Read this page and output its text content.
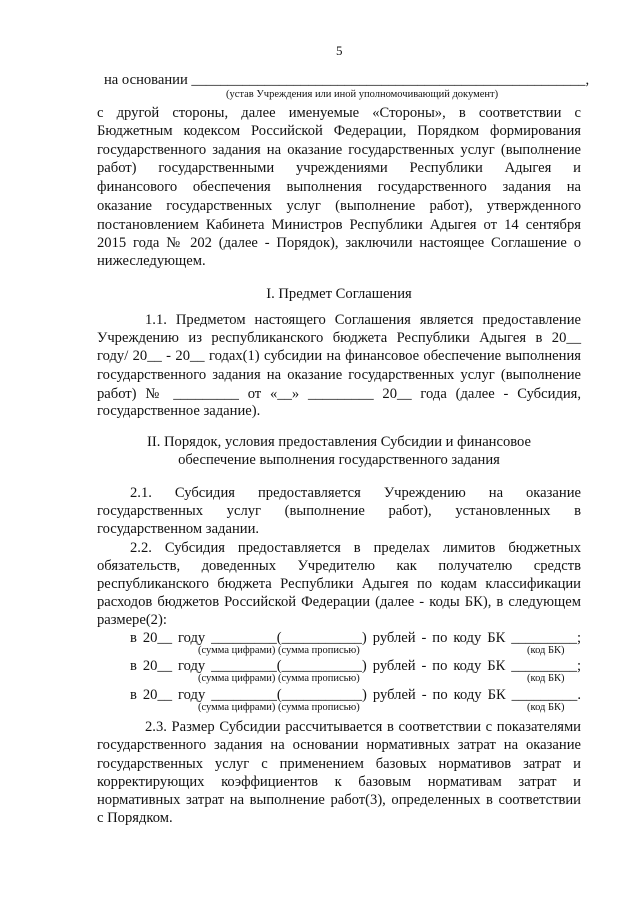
5
на основании ______________________________________________________,
(устав Учреждения или иной уполномочивающий документ)
с другой стороны, далее именуемые «Стороны», в соответствии с
Бюджетным кодексом Российской Федерации, Порядком формирования
государственного задания на оказание государственных услуг (выполнение
работ) государственными учреждениями Республики Адыгея и
финансового обеспечения выполнения государственного задания на
оказание государственных услуг (выполнение работ), утвержденного
постановлением Кабинета Министров Республики Адыгея от 14 сентября
2015 года № 202 (далее - Порядок), заключили настоящее Соглашение о
нижеследующем.
I. Предмет Соглашения
1.1. Предметом настоящего Соглашения является предоставление
Учреждению из республиканского бюджета Республики Адыгея в 20__
году/ 20__ - 20__ годах(1) субсидии на финансовое обеспечение выполнения
государственного задания на оказание государственных услуг (выполнение
работ) № _________ от «__» _________ 20__ года (далее - Субсидия,
государственное задание).
II. Порядок, условия предоставления Субсидии и финансовое
обеспечение выполнения государственного задания
2.1. Субсидия предоставляется Учреждению на оказание
государственных услуг (выполнение работ), установленных в
государственном задании.
2.2. Субсидия предоставляется в пределах лимитов бюджетных
обязательств, доведенных Учредителю как получателю средств
республиканского бюджета Республики Адыгея по кодам классификации
расходов бюджетов Российской Федерации (далее - коды БК), в следующем
размере(2):
в 20__ году _________(___________) рублей - по коду БК _________;
(сумма цифрами) (сумма прописью)	(код БК)
в 20__ году _________(___________) рублей - по коду БК _________;
(сумма цифрами) (сумма прописью)	(код БК)
в 20__ году _________(___________) рублей - по коду БК _________.
(сумма цифрами) (сумма прописью)	(код БК)
2.3. Размер Субсидии рассчитывается в соответствии с показателями
государственного задания на основании нормативных затрат на оказание
государственных услуг с применением базовых нормативов затрат и
корректирующих коэффициентов к базовым нормативам затрат и
нормативных затрат на выполнение работ(3), определенных в соответствии
с Порядком.
